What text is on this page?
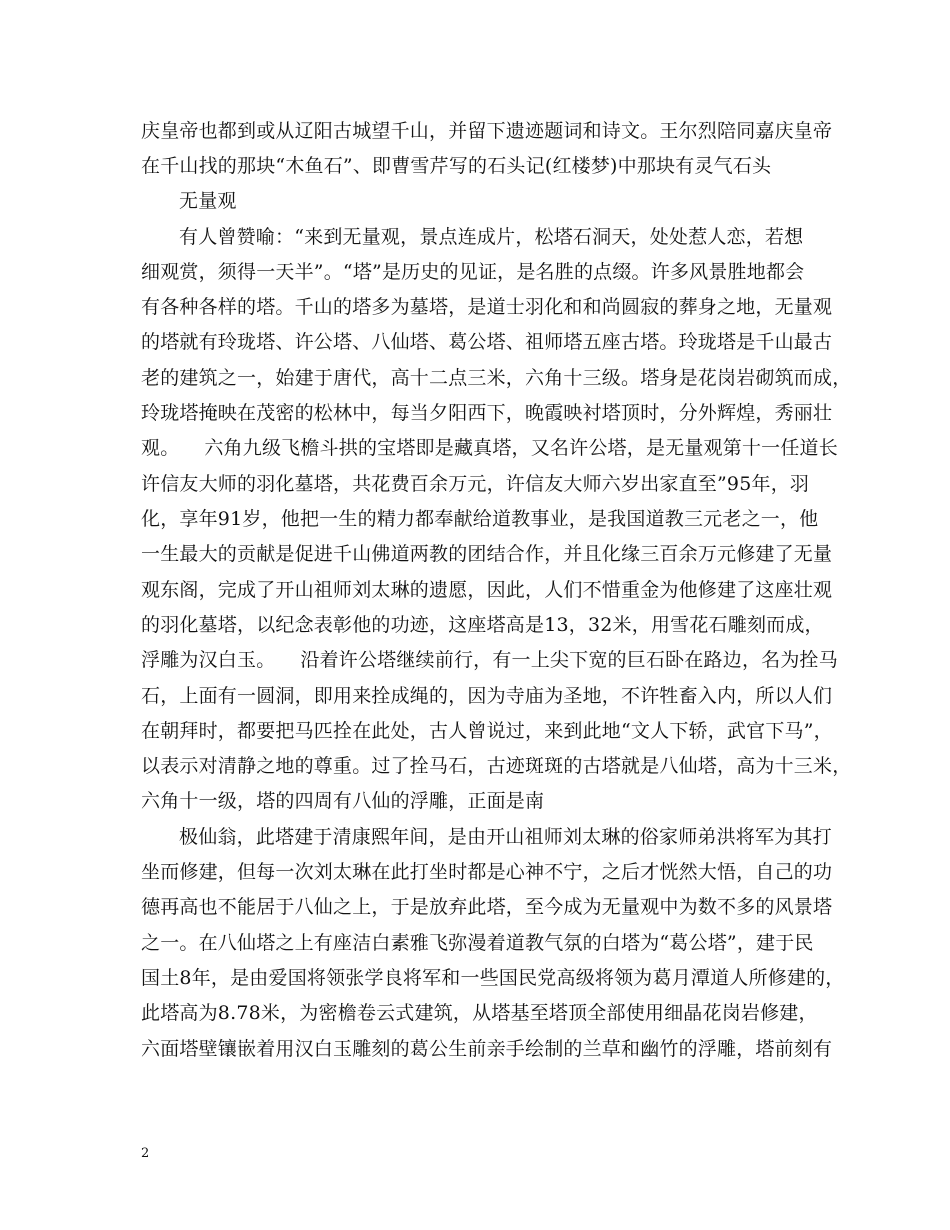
庆皇帝也都到或从辽阳古城望千山，并留下遗迹题词和诗文。王尔烈陪同嘉庆皇帝
在千山找的那块“木鱼石”、即曹雪芹写的石头记(红楼梦)中那块有灵气石头
无量观
有人曾赞喻：“来到无量观，景点连成片，松塔石洞天，处处惹人恋，若想
细观赏，须得一天半”。“塔”是历史的见证，是名胜的点缀。许多风景胜地都会
有各种各样的塔。千山的塔多为墓塔，是道士羽化和和尚圆寂的葬身之地，无量观
的塔就有玲珑塔、许公塔、八仙塔、葛公塔、祖师塔五座古塔。玲珑塔是千山最古
老的建筑之一，始建于唐代，高十二点三米，六角十三级。塔身是花岗岩砌筑而成，
玲珑塔掩映在茂密的松林中，每当夕阳西下，晚霞映衬塔顶时，分外辉煌，秀丽壮
观。    六角九级飞檐斗拱的宝塔即是藏真塔，又名许公塔，是无量观第十一任道长
许信友大师的羽化墓塔，共花费百余万元，许信友大师六岁出家直至”95年，羽
化，享年91岁，他把一生的精力都奉献给道教事业，是我国道教三元老之一，他
一生最大的贡献是促进千山佛道两教的团结合作，并且化缘三百余万元修建了无量
观东阁，完成了开山祖师刘太琳的遗愿，因此，人们不惜重金为他修建了这座壮观
的羽化墓塔，以纪念表彰他的功迹，这座塔高是13，32米，用雪花石雕刻而成，
浮雕为汉白玉。    沿着许公塔继续前行，有一上尖下宽的巨石卧在路边，名为拴马
石，上面有一圆洞，即用来拴成绳的，因为寺庙为圣地，不许牲畜入内，所以人们
在朝拜时，都要把马匹拴在此处，古人曾说过，来到此地“文人下轿，武官下马”，
以表示对清静之地的尊重。过了拴马石，古迹斑斑的古塔就是八仙塔，高为十三米，
六角十一级，塔的四周有八仙的浮雕，正面是南
极仙翁，此塔建于清康熙年间，是由开山祖师刘太琳的俗家师弟洪将军为其打
坐而修建，但每一次刘太琳在此打坐时都是心神不宁，之后才恍然大悟，自己的功
德再高也不能居于八仙之上，于是放弃此塔，至今成为无量观中为数不多的风景塔
之一。在八仙塔之上有座洁白素雅飞弥漫着道教气氛的白塔为“葛公塔”，建于民
国土8年，是由爱国将领张学良将军和一些国民党高级将领为葛月潭道人所修建的，
此塔高为8.78米，为密檐卷云式建筑，从塔基至塔顶全部使用细晶花岗岩修建，
六面塔壁镶嵌着用汉白玉雕刻的葛公生前亲手绘制的兰草和幽竹的浮雕，塔前刻有
2
